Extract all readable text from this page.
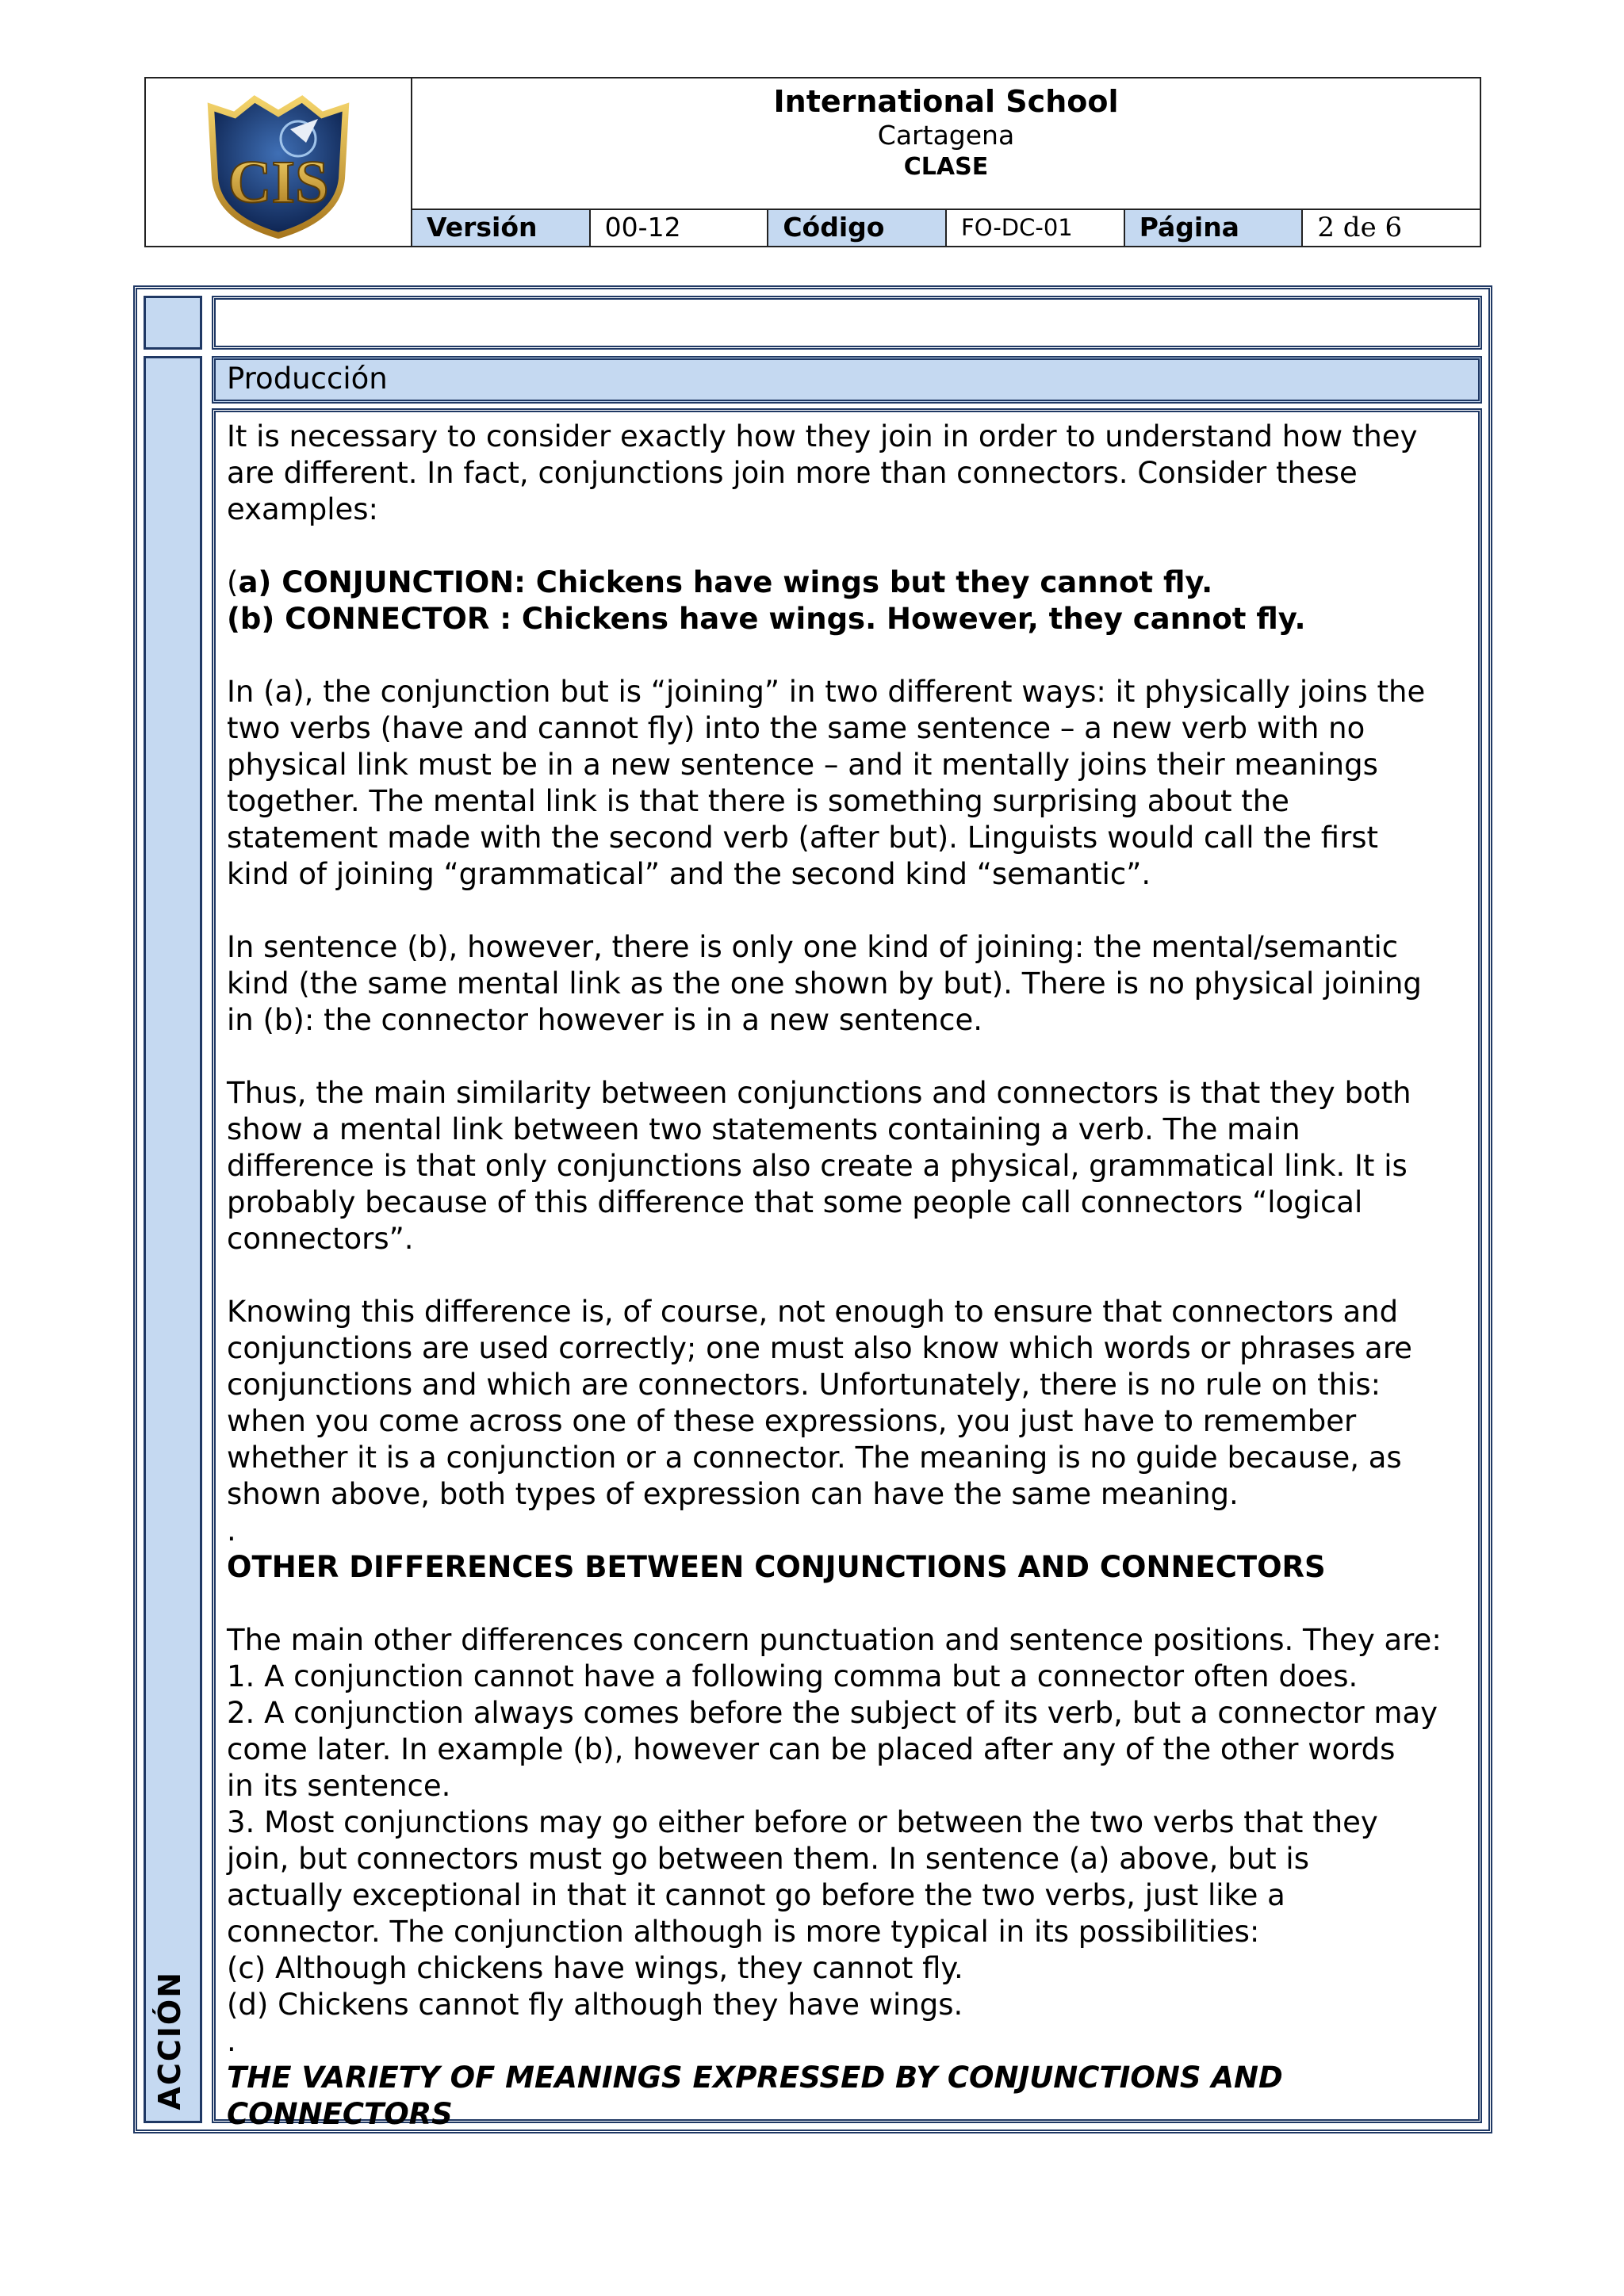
CIS
International School
Cartagena
CLASE
Versión	00-12	Código	FO-DC-01	Página	2 de 6
ACCIÓN
Producción

It is necessary to consider exactly how they join in order to understand how they

are different. In fact, conjunctions join more than connectors. Consider these

examples:

(a) CONJUNCTION: Chickens have wings but they cannot fly.

(b) CONNECTOR : Chickens have wings. However, they cannot fly.

In (a), the conjunction but is “joining” in two different ways: it physically joins the

two verbs (have and cannot fly) into the same sentence – a new verb with no

physical link must be in a new sentence – and it mentally joins their meanings

together. The mental link is that there is something surprising about the

statement made with the second verb (after but). Linguists would call the first

kind of joining “grammatical” and the second kind “semantic”.

In sentence (b), however, there is only one kind of joining: the mental/semantic

kind (the same mental link as the one shown by but). There is no physical joining

in (b): the connector however is in a new sentence.

Thus, the main similarity between conjunctions and connectors is that they both

show a mental link between two statements containing a verb. The main

difference is that only conjunctions also create a physical, grammatical link. It is

probably because of this difference that some people call connectors “logical

connectors”.

Knowing this difference is, of course, not enough to ensure that connectors and

conjunctions are used correctly; one must also know which words or phrases are

conjunctions and which are connectors. Unfortunately, there is no rule on this:

when you come across one of these expressions, you just have to remember

whether it is a conjunction or a connector. The meaning is no guide because, as

shown above, both types of expression can have the same meaning.

.

OTHER DIFFERENCES BETWEEN CONJUNCTIONS AND CONNECTORS

The main other differences concern punctuation and sentence positions. They are:

1. A conjunction cannot have a following comma but a connector often does.

2. A conjunction always comes before the subject of its verb, but a connector may

come later. In example (b), however can be placed after any of the other words

in its sentence.

3. Most conjunctions may go either before or between the two verbs that they

join, but connectors must go between them. In sentence (a) above, but is

actually exceptional in that it cannot go before the two verbs, just like a

connector. The conjunction although is more typical in its possibilities:

(c) Although chickens have wings, they cannot fly.

(d) Chickens cannot fly although they have wings.

.

THE VARIETY OF MEANINGS EXPRESSED BY CONJUNCTIONS AND

CONNECTORS
